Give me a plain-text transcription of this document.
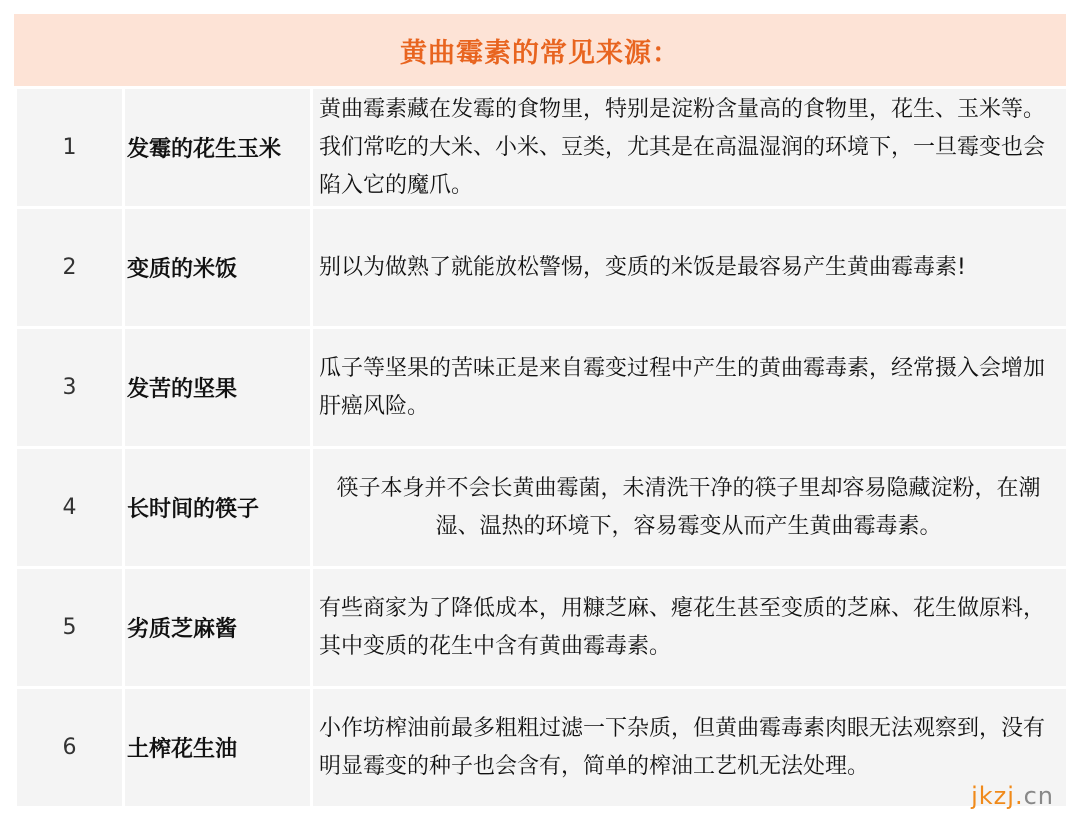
黄曲霉素的常见来源：
1	发霉的花生玉米	黄曲霉素藏在发霉的食物里，特别是淀粉含量高的食物里，花生、玉米等。我们常吃的大米、小米、豆类，尤其是在高温湿润的环境下，一旦霉变也会陷入它的魔爪。
2	变质的米饭	别以为做熟了就能放松警惕，变质的米饭是最容易产生黄曲霉毒素!
3	发苦的坚果	瓜子等坚果的苦味正是来自霉变过程中产生的黄曲霉毒素，经常摄入会增加肝癌风险。
4	长时间的筷子	筷子本身并不会长黄曲霉菌，未清洗干净的筷子里却容易隐藏淀粉，在潮湿、温热的环境下，容易霉变从而产生黄曲霉毒素。
5	劣质芝麻酱	有些商家为了降低成本，用糠芝麻、瘪花生甚至变质的芝麻、花生做原料，其中变质的花生中含有黄曲霉毒素。
6	土榨花生油	小作坊榨油前最多粗粗过滤一下杂质，但黄曲霉毒素肉眼无法观察到，没有明显霉变的种子也会含有，简单的榨油工艺机无法处理。
jkzj.cn
